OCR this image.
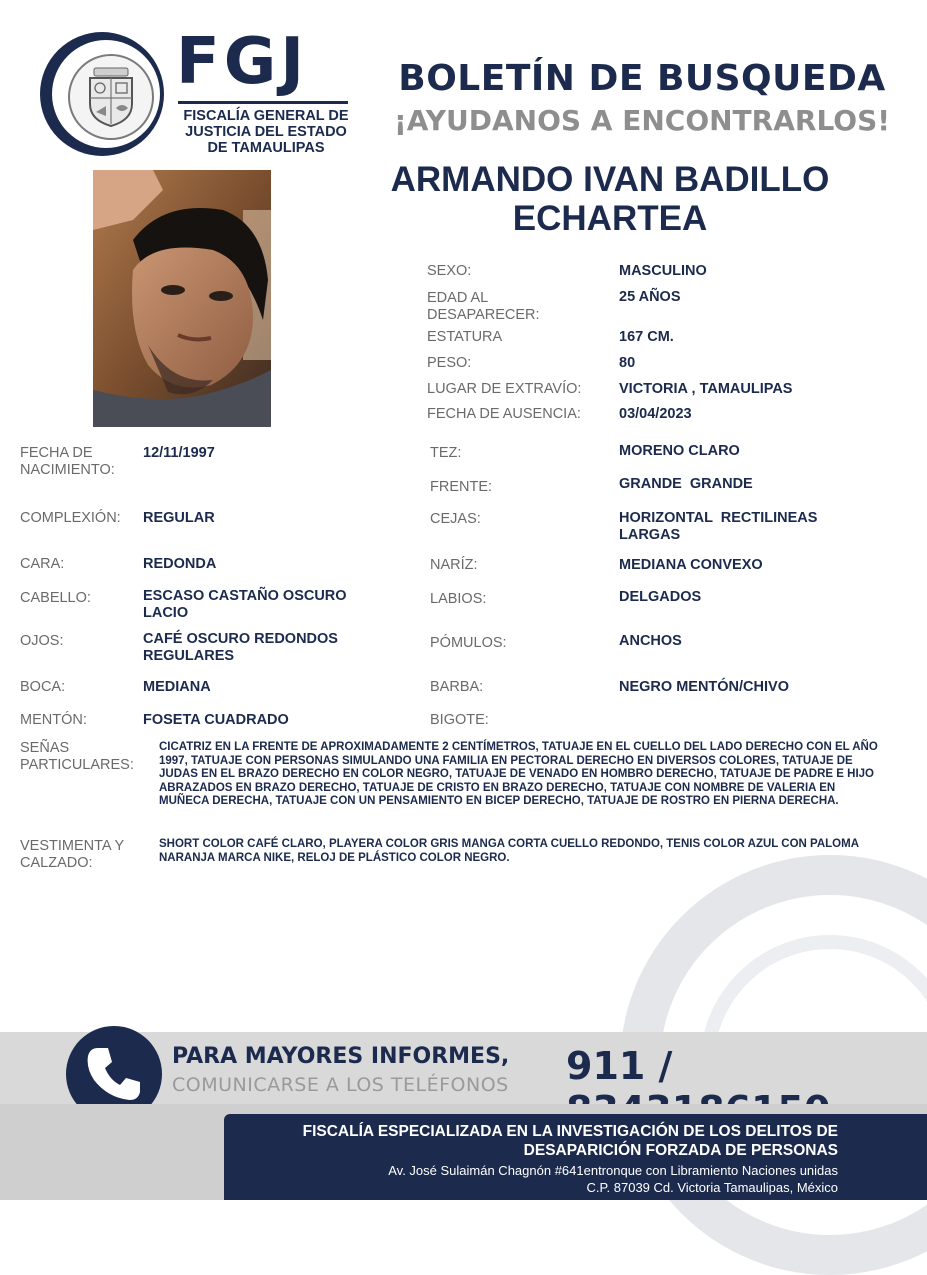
FGJ
FISCALÍA GENERAL DE JUSTICIA DEL ESTADO DE TAMAULIPAS
BOLETÍN DE BUSQUEDA
¡AYUDANOS A ENCONTRARLOS!
ARMANDO IVAN BADILLO ECHARTEA
SEXO:	MASCULINO
EDAD AL DESAPARECER:
25 AÑOS
ESTATURA	167 CM.
PESO:	80
LUGAR DE EXTRAVÍO:	VICTORIA , TAMAULIPAS
FECHA DE AUSENCIA:	03/04/2023
FECHA DE NACIMIENTO:
12/11/1997
COMPLEXIÓN: REGULAR
CARA:	REDONDA
CABELLO:	ESCASO CASTAÑO OSCURO LACIO
OJOS:	CAFÉ OSCURO REDONDOS REGULARES
BOCA:	MEDIANA
MENTÓN:	FOSETA CUADRADO
TEZ:	MORENO CLARO
FRENTE:	GRANDE  GRANDE
CEJAS:	HORIZONTAL  RECTILINEAS LARGAS
NARÍZ:	MEDIANA CONVEXO
LABIOS:	DELGADOS
PÓMULOS:	ANCHOS
BARBA:	NEGRO MENTÓN/CHIVO
BIGOTE:
SEÑAS PARTICULARES:
CICATRIZ EN LA FRENTE DE APROXIMADAMENTE 2 CENTÍMETROS, TATUAJE EN EL CUELLO DEL LADO DERECHO CON EL AÑO 1997, TATUAJE CON PERSONAS SIMULANDO UNA FAMILIA EN PECTORAL DERECHO EN DIVERSOS COLORES, TATUAJE DE JUDAS EN EL BRAZO DERECHO EN COLOR NEGRO, TATUAJE DE VENADO EN HOMBRO DERECHO, TATUAJE DE PADRE E HIJO ABRAZADOS EN BRAZO DERECHO, TATUAJE DE CRISTO EN BRAZO DERECHO, TATUAJE CON NOMBRE DE VALERIA EN MUÑECA DERECHA, TATUAJE CON UN PENSAMIENTO EN BICEP DERECHO, TATUAJE DE ROSTRO EN PIERNA DERECHA.
VESTIMENTA Y CALZADO:
SHORT COLOR CAFÉ CLARO, PLAYERA COLOR GRIS MANGA CORTA CUELLO REDONDO, TENIS COLOR AZUL CON PALOMA NARANJA MARCA NIKE, RELOJ DE PLÁSTICO COLOR NEGRO.
PARA MAYORES INFORMES,
COMUNICARSE A LOS TELÉFONOS 911 /
FISCALÍA ESPECIALIZADA EN LA INVESTIGACIÓN DE LOS DELITOS DE
DESAPARICIÓN FORZADA DE PERSONAS
Av. José Sulaimán Chagnón #641entronque con Libramiento Naciones unidas
C.P. 87039 Cd. Victoria Tamaulipas, México
